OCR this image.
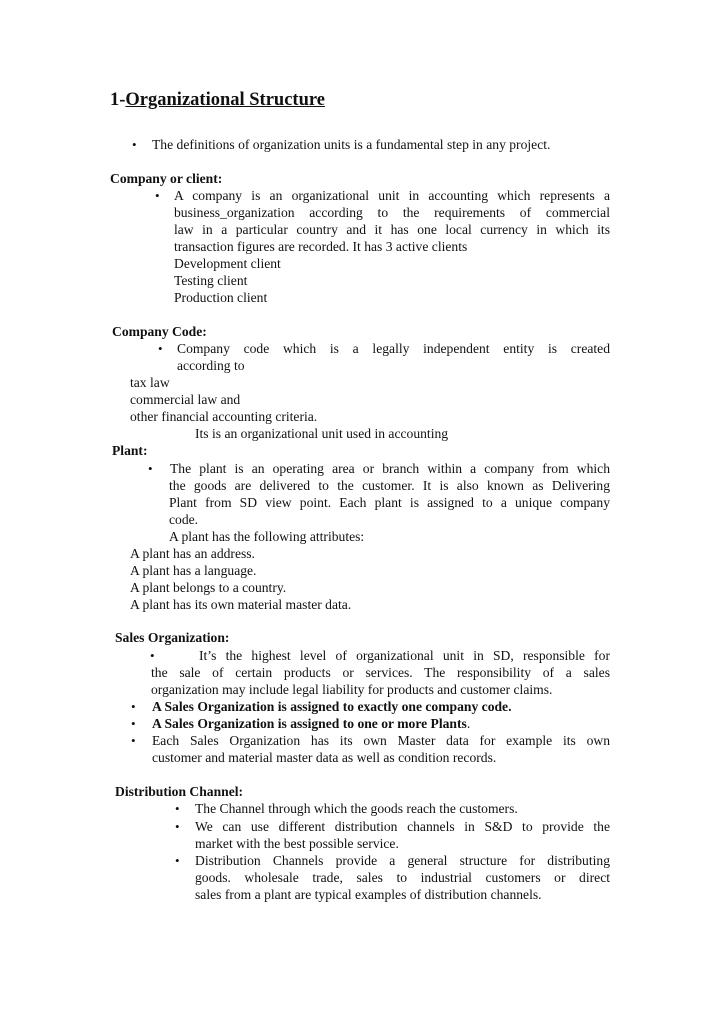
1-Organizational Structure
• The definitions of organization units is a fundamental step in any project.
Company or client:
• A company is an organizational unit in accounting which represents a
business_organization according to the requirements of commercial
law in a particular country and it has one local currency in which its
transaction figures are recorded. It has 3 active clients
Development client
Testing client
Production client
Company Code:
• Company code which is a legally independent entity is created
according to
tax law
commercial law and
other financial accounting criteria.
Its is an organizational unit used in accounting
Plant:
• The plant is an operating area or branch within a company from which
the goods are delivered to the customer. It is also known as Delivering
Plant from SD view point. Each plant is assigned to a unique company
code.
A plant has the following attributes:
A plant has an address.
A plant has a language.
A plant belongs to a country.
A plant has its own material master data.
Sales Organization:
•	It’s the highest level of organizational unit in SD, responsible for
the sale of certain products or services. The responsibility of a sales
organization may include legal liability for products and customer claims.
• A Sales Organization is assigned to exactly one company code.
• A Sales Organization is assigned to one or more Plants.
• Each Sales Organization has its own Master data for example its own
customer and material master data as well as condition records.
Distribution Channel:
• The Channel through which the goods reach the customers.
• We can use different distribution channels in S&D to provide the
market with the best possible service.
• Distribution Channels provide a general structure for distributing
goods. wholesale trade, sales to industrial customers or direct
sales from a plant are typical examples of distribution channels.
